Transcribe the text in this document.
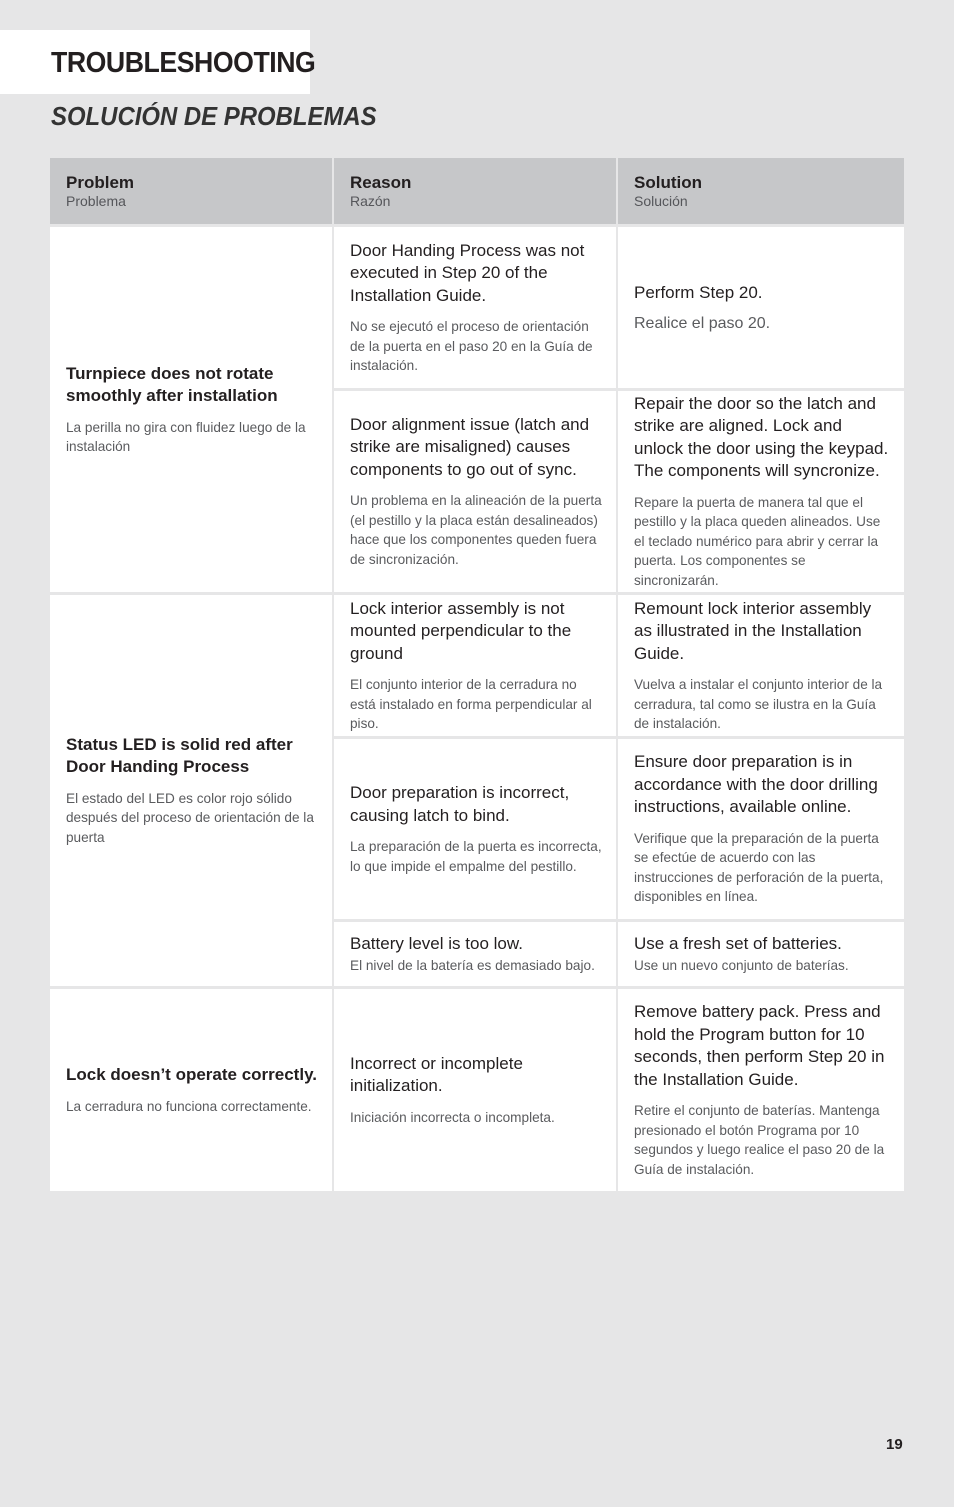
TROUBLESHOOTING
SOLUCIÓN DE PROBLEMAS
Problem
Problema
Reason
Razón
Solution
Solución
Turnpiece does not rotate smoothly after installation
La perilla no gira con fluidez luego de la instalación
Status LED is solid red after Door Handing Process
El estado del LED es color rojo sólido después del proceso de orientación de la puerta
Lock doesn’t operate correctly.
La cerradura no funciona correctamente.
Door Handing Process was not executed in Step 20 of the Installation Guide.
No se ejecutó el proceso de orientación de la puerta en el paso 20 en la Guía de instalación.
Door alignment issue (latch and strike are misaligned) causes components to go out of sync.
Un problema en la alineación de la puerta (el pestillo y la placa están desalineados) hace que los componentes queden fuera de sincronización.
Lock interior assembly is not mounted perpendicular to the ground
El conjunto interior de la cerradura no está instalado en forma perpendicular al piso.
Door preparation is incorrect, causing latch to bind.
La preparación de la puerta es incorrecta, lo que impide el empalme del pestillo.
Battery level is too low.
El nivel de la batería es demasiado bajo.
Incorrect or incomplete initialization.
Iniciación incorrecta o incompleta.
Perform Step 20.
Realice el paso 20.
Repair the door so the latch and strike are aligned. Lock and unlock the door using the keypad. The components will syncronize.
Repare la puerta de manera tal que el pestillo y la placa queden alineados. Use el teclado numérico para abrir y cerrar la puerta. Los componentes se sincronizarán.
Remount lock interior assembly as illustrated in the Installation Guide.
Vuelva a instalar el conjunto interior de la cerradura, tal como se ilustra en la Guía de instalación.
Ensure door preparation is in accordance with the door drilling instructions, available online.
Verifique que la preparación de la puerta se efectúe de acuerdo con las instrucciones de perforación de la puerta, disponibles en línea.
Use a fresh set of batteries.
Use un nuevo conjunto de baterías.
Remove battery pack. Press and hold the Program button for 10 seconds, then perform Step 20 in the Installation Guide.
Retire el conjunto de baterías. Mantenga presionado el botón Programa por 10 segundos y luego realice el paso 20 de la Guía de instalación.
19
